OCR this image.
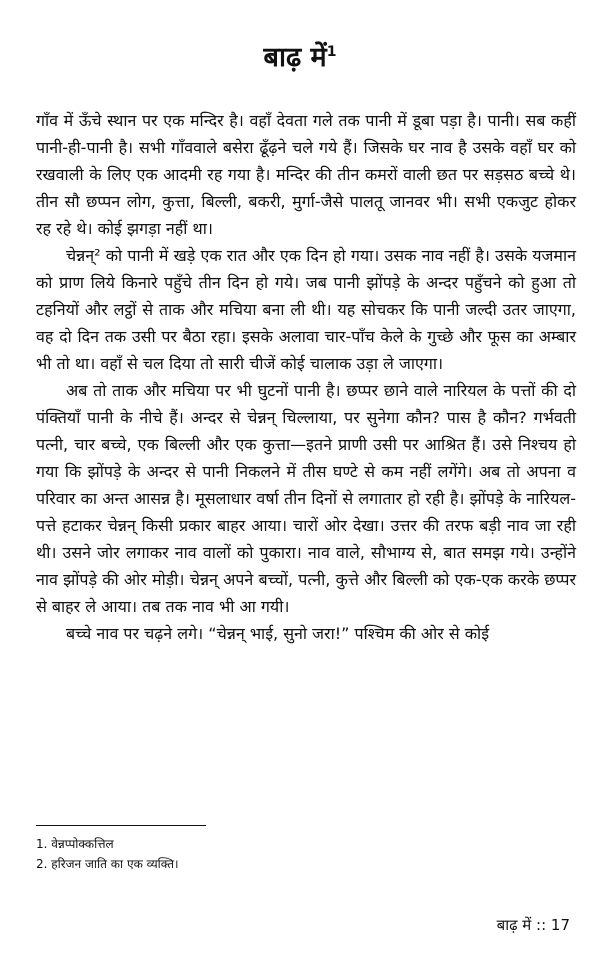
बाढ़ में$^1$

गाँव में ऊँचे स्थान पर एक मन्दिर है। वहाँ देवता गले तक पानी में डूबा पड़ा है। पानी। सब कहीं पानी-ही-पानी है। सभी गाँववाले बसेरा ढूँढ़ने चले गये हैं। जिसके घर नाव है उसके वहाँ घर को रखवाली के लिए एक आदमी रह गया है। मन्दिर की तीन कमरों वाली छत पर सड़सठ बच्चे थे। तीन सौ छप्पन लोग, कुत्ता, बिल्ली, बकरी, मुर्गा-जैसे पालतू जानवर भी। सभी एकजुट होकर रह रहे थे। कोई झगड़ा नहीं था।

चेन्नन्² को पानी में खड़े एक रात और एक दिन हो गया। उसक नाव नहीं है। उसके यजमान को प्राण लिये किनारे पहुँचे तीन दिन हो गये। जब पानी झोंपड़े के अन्दर पहुँचने को हुआ तो टहनियों और लट्ठों से ताक और मचिया बना ली थी। यह सोचकर कि पानी जल्दी उतर जाएगा, वह दो दिन तक उसी पर बैठा रहा। इसके अलावा चार-पाँच केले के गुच्छे और फूस का अम्बार भी तो था। वहाँ से चल दिया तो सारी चीजें कोई चालाक उड़ा ले जाएगा।

अब तो ताक और मचिया पर भी घुटनों पानी है। छप्पर छाने वाले नारियल के पत्तों की दो पंक्तियाँ पानी के नीचे हैं। अन्दर से चेन्नन् चिल्लाया, पर सुनेगा कौन? पास है कौन? गर्भवती पत्नी, चार बच्चे, एक बिल्ली और एक कुत्ता—इतने प्राणी उसी पर आश्रित हैं। उसे निश्चय हो गया कि झोंपड़े के अन्दर से पानी निकलने में तीस घण्टे से कम नहीं लगेंगे। अब तो अपना व परिवार का अन्त आसन्न है। मूसलाधार वर्षा तीन दिनों से लगातार हो रही है। झोंपड़े के नारियल-पत्ते हटाकर चेन्नन् किसी प्रकार बाहर आया। चारों ओर देखा। उत्तर की तरफ बड़ी नाव जा रही थी। उसने जोर लगाकर नाव वालों को पुकारा। नाव वाले, सौभाग्य से, बात समझ गये। उन्होंने नाव झोंपड़े की ओर मोड़ी। चेन्नन् अपने बच्चों, पत्नी, कुत्ते और बिल्ली को एक-एक करके छप्पर से बाहर ले आया। तब तक नाव भी आ गयी।

बच्चे नाव पर चढ़ने लगे। “चेन्नन् भाई, सुनो जरा!” पश्चिम की ओर से कोई

1. वेन्नप्पोक्कत्तिल
2. हरिजन जाति का एक व्यक्ति।
बाढ़ में :: 17
